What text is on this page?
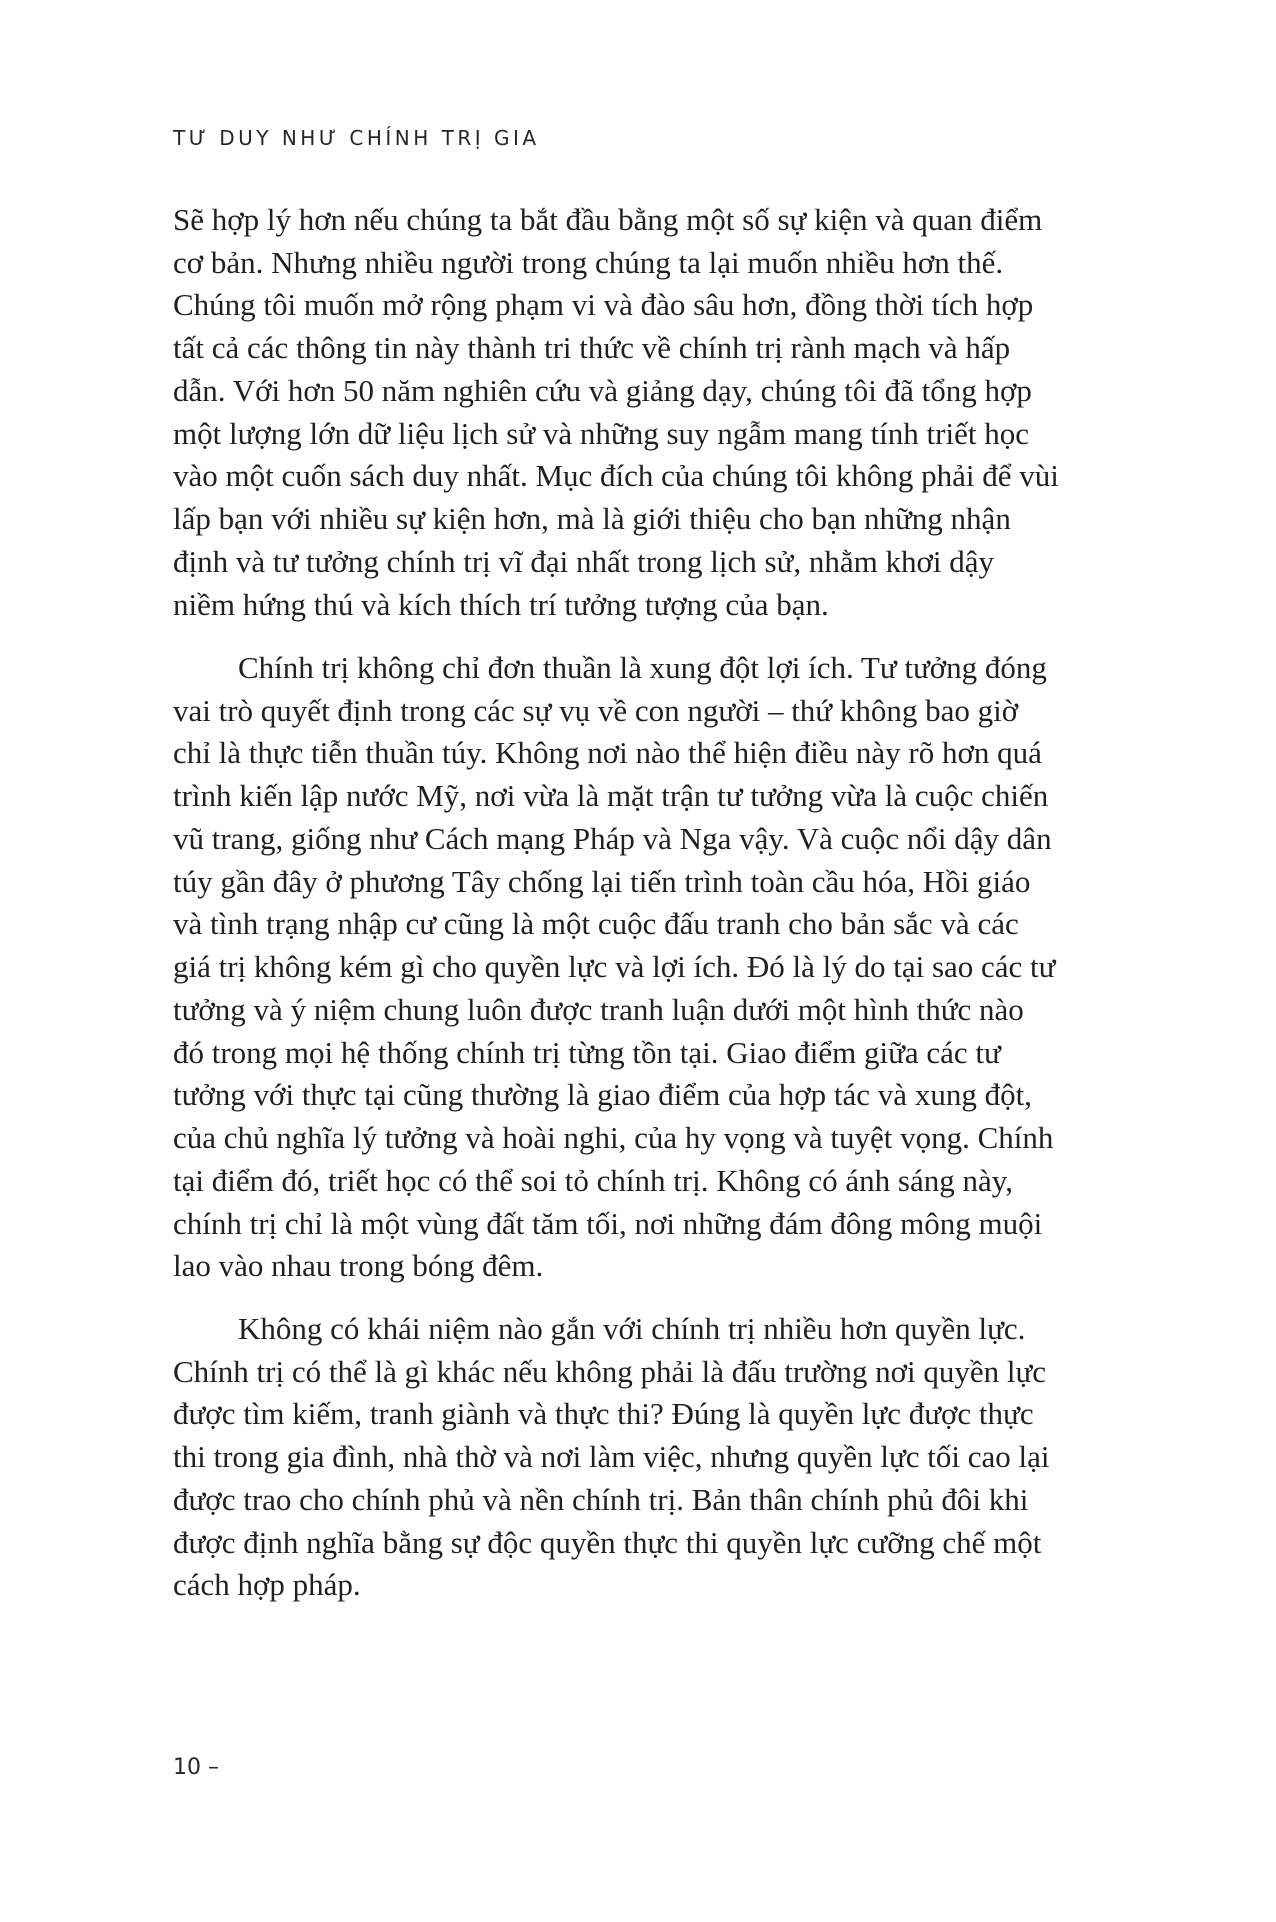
TƯ DUY NHƯ CHÍNH TRỊ GIA
Sẽ hợp lý hơn nếu chúng ta bắt đầu bằng một số sự kiện và quan điểm
cơ bản. Nhưng nhiều người trong chúng ta lại muốn nhiều hơn thế.
Chúng tôi muốn mở rộng phạm vi và đào sâu hơn, đồng thời tích hợp
tất cả các thông tin này thành tri thức về chính trị rành mạch và hấp
dẫn. Với hơn 50 năm nghiên cứu và giảng dạy, chúng tôi đã tổng hợp
một lượng lớn dữ liệu lịch sử và những suy ngẫm mang tính triết học
vào một cuốn sách duy nhất. Mục đích của chúng tôi không phải để vùi
lấp bạn với nhiều sự kiện hơn, mà là giới thiệu cho bạn những nhận
định và tư tưởng chính trị vĩ đại nhất trong lịch sử, nhằm khơi dậy
niềm hứng thú và kích thích trí tưởng tượng của bạn.
Chính trị không chỉ đơn thuần là xung đột lợi ích. Tư tưởng đóng
vai trò quyết định trong các sự vụ về con người – thứ không bao giờ
chỉ là thực tiễn thuần túy. Không nơi nào thể hiện điều này rõ hơn quá
trình kiến lập nước Mỹ, nơi vừa là mặt trận tư tưởng vừa là cuộc chiến
vũ trang, giống như Cách mạng Pháp và Nga vậy. Và cuộc nổi dậy dân
túy gần đây ở phương Tây chống lại tiến trình toàn cầu hóa, Hồi giáo
và tình trạng nhập cư cũng là một cuộc đấu tranh cho bản sắc và các
giá trị không kém gì cho quyền lực và lợi ích. Đó là lý do tại sao các tư
tưởng và ý niệm chung luôn được tranh luận dưới một hình thức nào
đó trong mọi hệ thống chính trị từng tồn tại. Giao điểm giữa các tư
tưởng với thực tại cũng thường là giao điểm của hợp tác và xung đột,
của chủ nghĩa lý tưởng và hoài nghi, của hy vọng và tuyệt vọng. Chính
tại điểm đó, triết học có thể soi tỏ chính trị. Không có ánh sáng này,
chính trị chỉ là một vùng đất tăm tối, nơi những đám đông mông muội
lao vào nhau trong bóng đêm.
Không có khái niệm nào gắn với chính trị nhiều hơn quyền lực.
Chính trị có thể là gì khác nếu không phải là đấu trường nơi quyền lực
được tìm kiếm, tranh giành và thực thi? Đúng là quyền lực được thực
thi trong gia đình, nhà thờ và nơi làm việc, nhưng quyền lực tối cao lại
được trao cho chính phủ và nền chính trị. Bản thân chính phủ đôi khi
được định nghĩa bằng sự độc quyền thực thi quyền lực cưỡng chế một
cách hợp pháp.
10 –
